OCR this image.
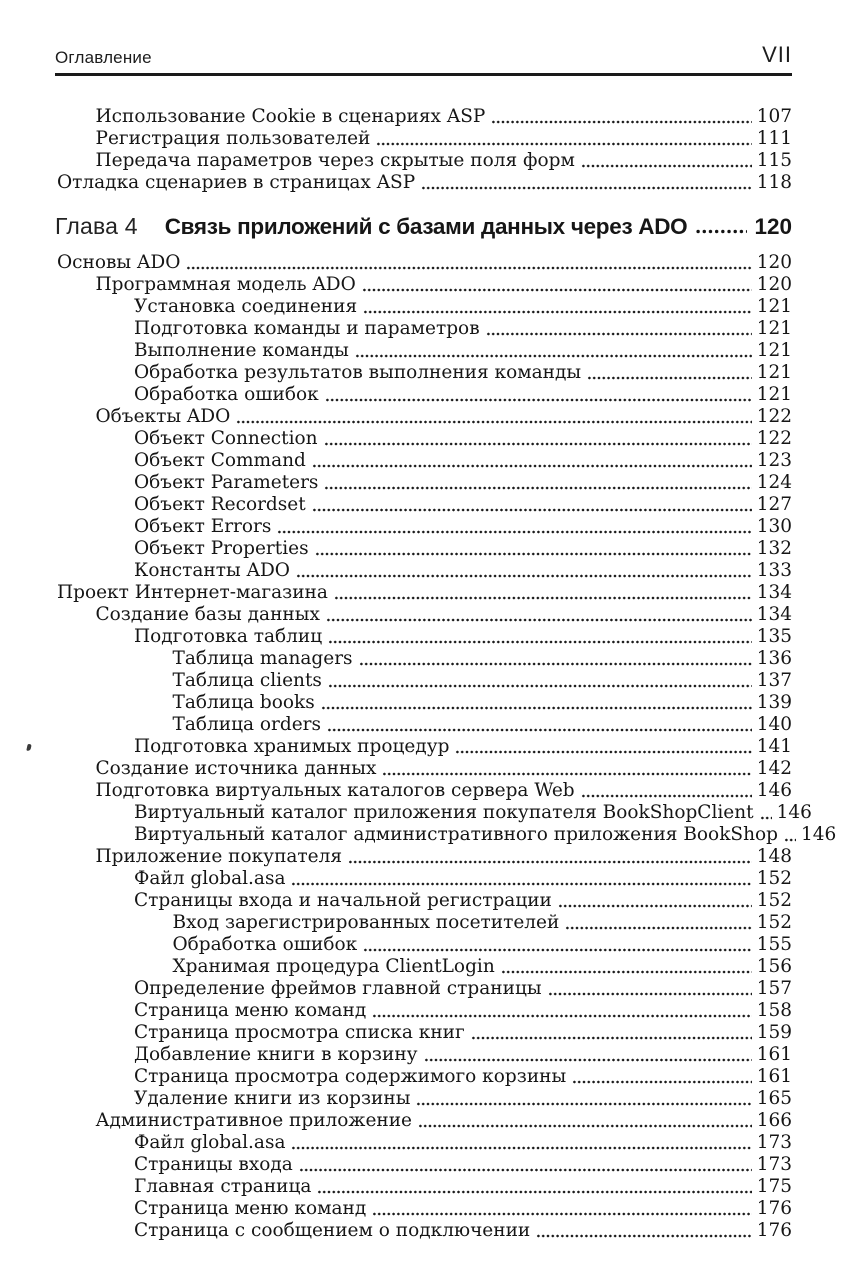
Оглавление	VII
Использование Cookie в сценариях ASP	107
Регистрация пользователей	111
Передача параметров через скрытые поля форм	115
Отладка сценариев в страницах ASP	118
Глава 4 Связь приложений с базами данных через ADO	120
Основы ADO	120
Программная модель ADO	120
Установка соединения	121
Подготовка команды и параметров	121
Выполнение команды	121
Обработка результатов выполнения команды	121
Обработка ошибок	121
Объекты ADO	122
Объект Connection	122
Объект Command	123
Объект Parameters	124
Объект Recordset	127
Объект Errors	130
Объект Properties	132
Константы ADO	133
Проект Интернет-магазина	134
Создание базы данных	134
Подготовка таблиц	135
Таблица managers	136
Таблица clients	137
Таблица books	139
Таблица orders	140
Подготовка хранимых процедур	141
Создание источника данных	142
Подготовка виртуальных каталогов сервера Web	146
Виртуальный каталог приложения покупателя BookShopClient 146
Виртуальный каталог административного приложения BookShop 146
Приложение покупателя	148
Файл global.asa	152
Страницы входа и начальной регистрации	152
Вход зарегистрированных посетителей	152
Обработка ошибок	155
Хранимая процедура ClientLogin	156
Определение фреймов главной страницы	157
Страница меню команд	158
Страница просмотра списка книг	159
Добавление книги в корзину	161
Страница просмотра содержимого корзины	161
Удаление книги из корзины	165
Административное приложение	166
Файл global.asa	173
Страницы входа	173
Главная страница	175
Страница меню команд	176
Страница с сообщением о подключении	176
